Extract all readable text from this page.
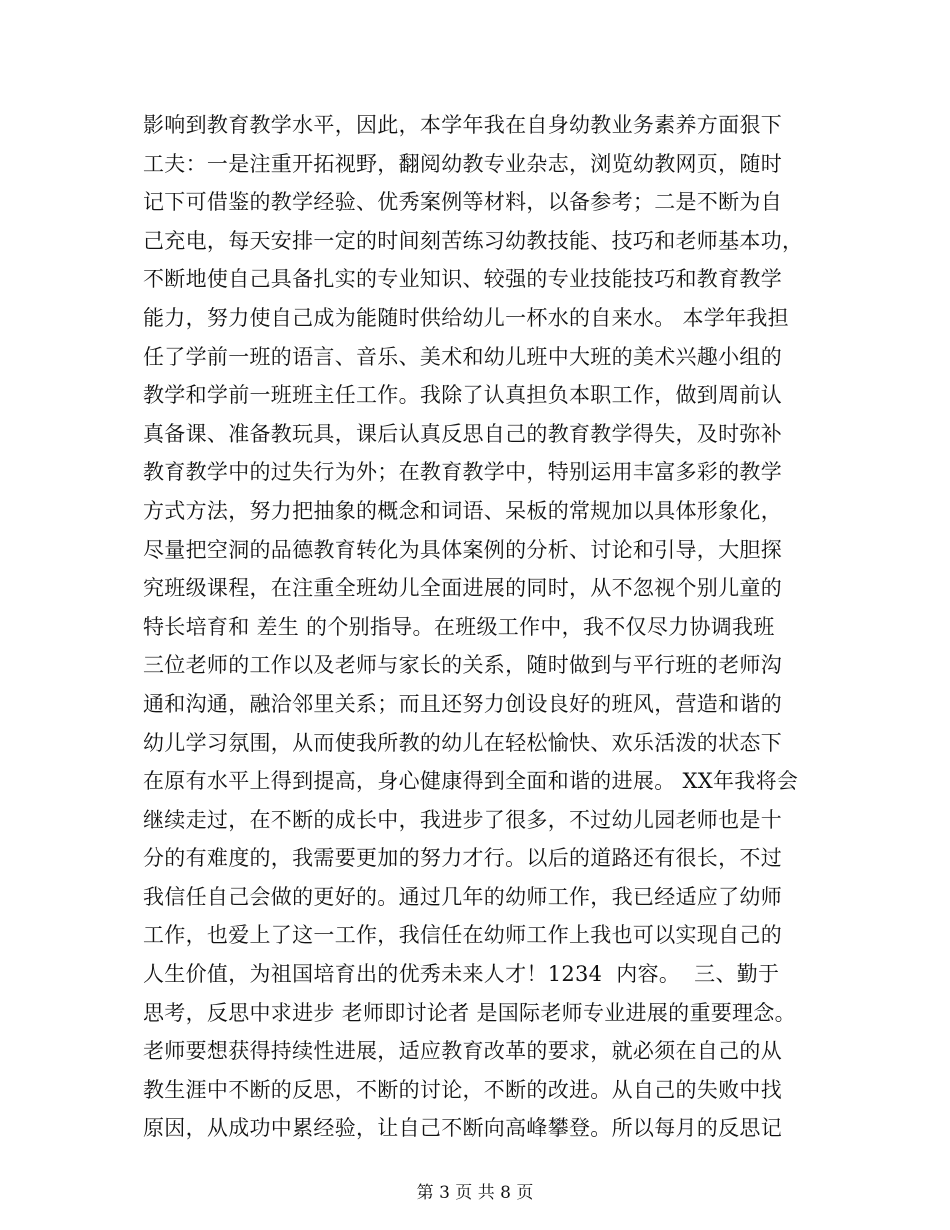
影响到教育教学水平，因此，本学年我在自身幼教业务素养方面狠下
工夫：一是注重开拓视野，翻阅幼教专业杂志，浏览幼教网页，随时
记下可借鉴的教学经验、优秀案例等材料，以备参考；二是不断为自
己充电，每天安排一定的时间刻苦练习幼教技能、技巧和老师基本功，
不断地使自己具备扎实的专业知识、较强的专业技能技巧和教育教学
能力，努力使自己成为能随时供给幼儿一杯水的自来水。 本学年我担
任了学前一班的语言、音乐、美术和幼儿班中大班的美术兴趣小组的
教学和学前一班班主任工作。我除了认真担负本职工作，做到周前认
真备课、准备教玩具，课后认真反思自己的教育教学得失，及时弥补
教育教学中的过失行为外；在教育教学中，特别运用丰富多彩的教学
方式方法，努力把抽象的概念和词语、呆板的常规加以具体形象化，
尽量把空洞的品德教育转化为具体案例的分析、讨论和引导，大胆探
究班级课程，在注重全班幼儿全面进展的同时，从不忽视个别儿童的
特长培育和 差生 的个别指导。在班级工作中，我不仅尽力协调我班
三位老师的工作以及老师与家长的关系，随时做到与平行班的老师沟
通和沟通，融洽邻里关系；而且还努力创设良好的班风，营造和谐的
幼儿学习氛围，从而使我所教的幼儿在轻松愉快、欢乐活泼的状态下
在原有水平上得到提高，身心健康得到全面和谐的进展。 XX年我将会
继续走过，在不断的成长中，我进步了很多，不过幼儿园老师也是十
分的有难度的，我需要更加的努力才行。以后的道路还有很长，不过
我信任自己会做的更好的。通过几年的幼师工作，我已经适应了幼师
工作，也爱上了这一工作，我信任在幼师工作上我也可以实现自己的
人生价值，为祖国培育出的优秀未来人才！1234  内容。  三、勤于
思考，反思中求进步 老师即讨论者 是国际老师专业进展的重要理念。
老师要想获得持续性进展，适应教育改革的要求，就必须在自己的从
教生涯中不断的反思，不断的讨论，不断的改进。从自己的失败中找
原因，从成功中累经验，让自己不断向高峰攀登。所以每月的反思记
第 3 页 共 8 页
